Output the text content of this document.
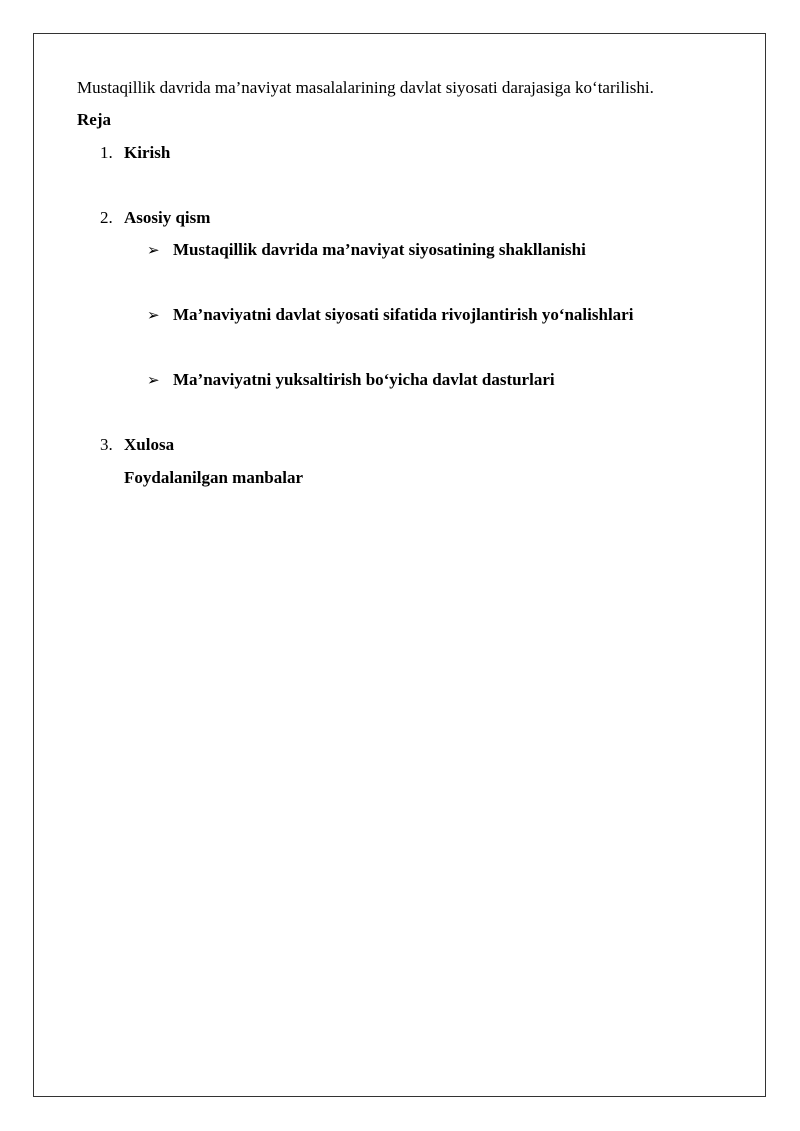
Mustaqillik davrida ma’naviyat masalalarining davlat siyosati darajasiga ko‘tarilishi.
Reja
1. Kirish
2. Asosiy qism
➢ Mustaqillik davrida ma’naviyat siyosatining shakllanishi
➢ Ma’naviyatni davlat siyosati sifatida rivojlantirish yo‘nalishlari
➢ Ma’naviyatni yuksaltirish bo‘yicha davlat dasturlari
3. Xulosa
Foydalanilgan manbalar
